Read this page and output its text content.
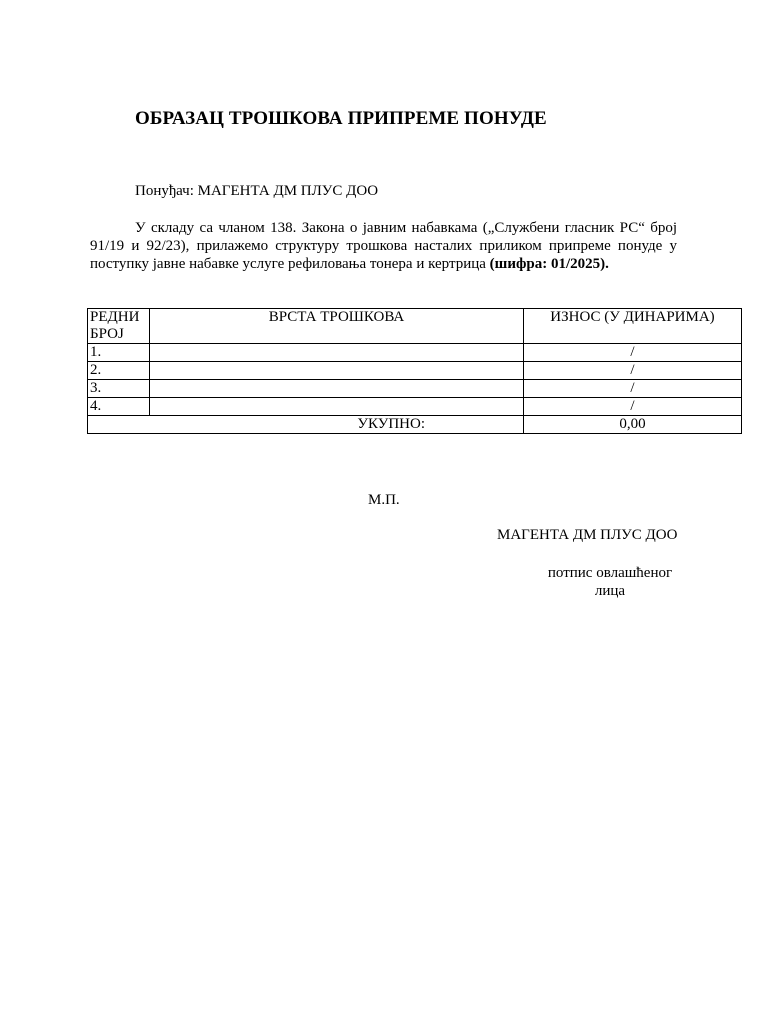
ОБРАЗАЦ ТРОШКОВА ПРИПРЕМЕ ПОНУДЕ
Понуђач: МАГЕНТА ДМ ПЛУС ДОО

У складу са чланом 138. Закона о јавним набавкама („Службени гласник РС“ број 91/19 и 92/23), прилажемо структуру трошкова насталих приликом припреме понуде у поступку јавне набавке услуге рефиловања тонера и кертрица (шифра: 01/2025).

РЕДНИ БРОЈ	ВРСТА ТРОШКОВА	ИЗНОС (У ДИНАРИМА)
1.		/
2.		/
3.		/
4.		/
УКУПНО:		0,00
М.П.
МАГЕНТА ДМ ПЛУС ДОО
потпис овлашћеног лица
